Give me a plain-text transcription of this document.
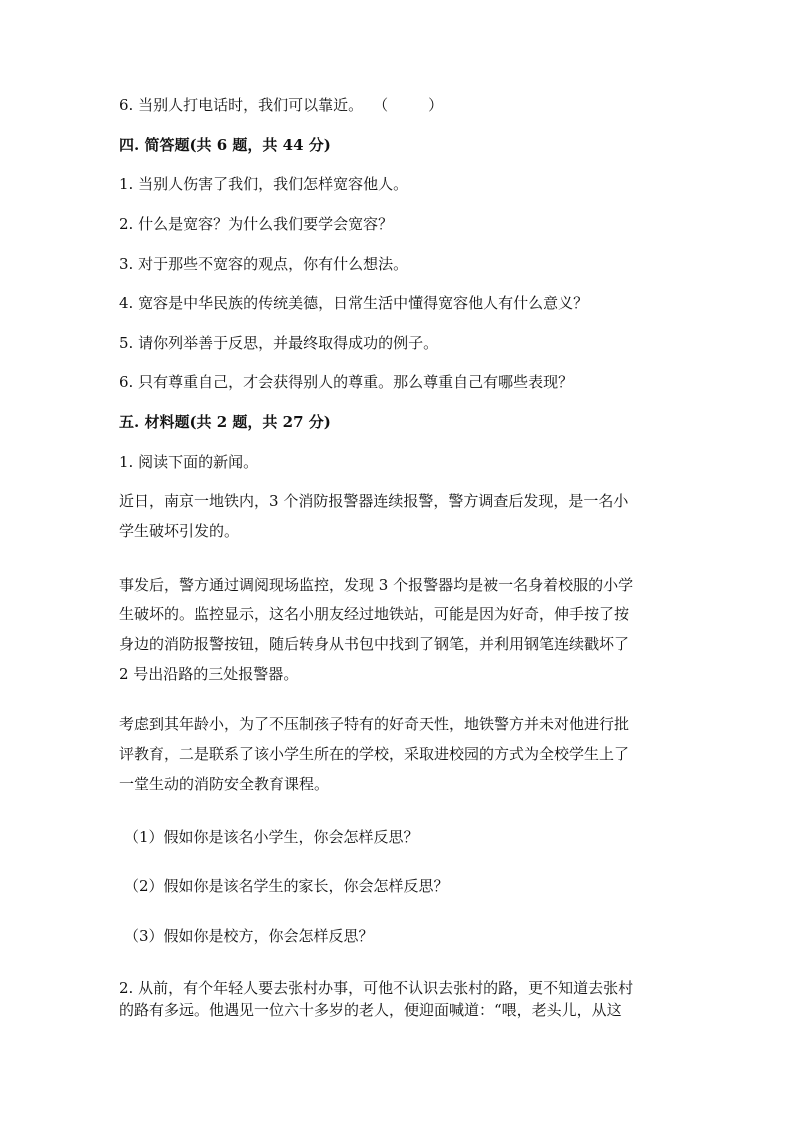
6. 当别人打电话时，我们可以靠近。 （	）
四. 简答题(共 6 题，共 44 分)
1. 当别人伤害了我们，我们怎样宽容他人。
2. 什么是宽容？为什么我们要学会宽容？
3. 对于那些不宽容的观点，你有什么想法。
4. 宽容是中华民族的传统美德，日常生活中懂得宽容他人有什么意义？
5. 请你列举善于反思，并最终取得成功的例子。
6. 只有尊重自己，才会获得别人的尊重。那么尊重自己有哪些表现？
五. 材料题(共 2 题，共 27 分)
1. 阅读下面的新闻。
近日，南京一地铁内，3 个消防报警器连续报警，警方调查后发现，是一名小
学生破坏引发的。
事发后，警方通过调阅现场监控，发现 3 个报警器均是被一名身着校服的小学
生破坏的。监控显示，这名小朋友经过地铁站，可能是因为好奇，伸手按了按
身边的消防报警按钮，随后转身从书包中找到了钢笔，并利用钢笔连续戳坏了
2 号出沿路的三处报警器。
考虑到其年龄小，为了不压制孩子特有的好奇天性，地铁警方并未对他进行批
评教育，二是联系了该小学生所在的学校，采取进校园的方式为全校学生上了
一堂生动的消防安全教育课程。
（1）假如你是该名小学生，你会怎样反思？
（2）假如你是该名学生的家长，你会怎样反思？
（3）假如你是校方，你会怎样反思？
2. 从前，有个年轻人要去张村办事，可他不认识去张村的路，更不知道去张村
的路有多远。他遇见一位六十多岁的老人，便迎面喊道：“喂，老头儿，从这
